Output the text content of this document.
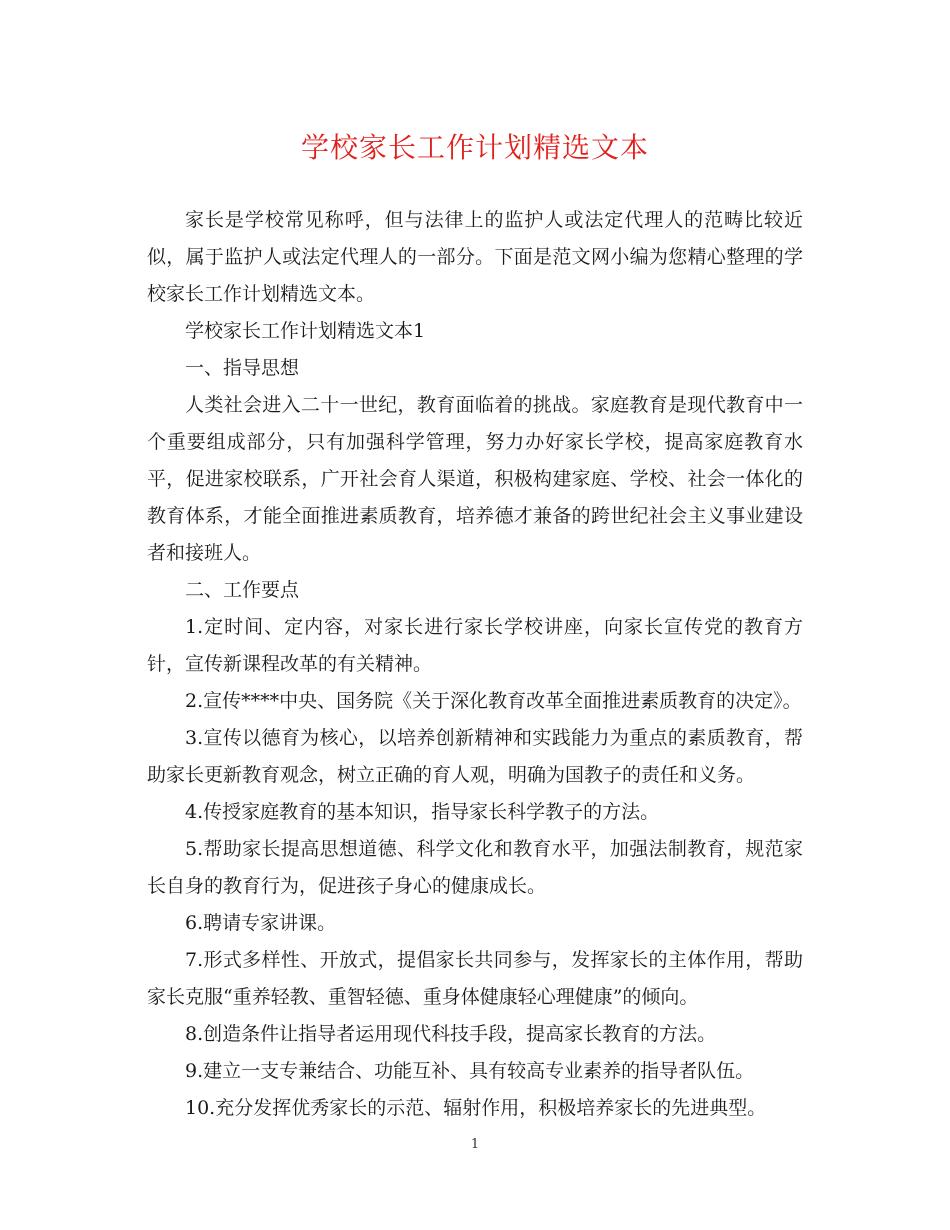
学校家长工作计划精选文本

家长是学校常见称呼，但与法律上的监护人或法定代理人的范畴比较近似，属于监护人或法定代理人的一部分。下面是范文网小编为您精心整理的学校家长工作计划精选文本。

学校家长工作计划精选文本1

一、指导思想

人类社会进入二十一世纪，教育面临着的挑战。家庭教育是现代教育中一个重要组成部分，只有加强科学管理，努力办好家长学校，提高家庭教育水平，促进家校联系，广开社会育人渠道，积极构建家庭、学校、社会一体化的教育体系，才能全面推进素质教育，培养德才兼备的跨世纪社会主义事业建设者和接班人。

二、工作要点

1.定时间、定内容，对家长进行家长学校讲座，向家长宣传党的教育方针，宣传新课程改革的有关精神。

2.宣传****中央、国务院《关于深化教育改革全面推进素质教育的决定》。

3.宣传以德育为核心，以培养创新精神和实践能力为重点的素质教育，帮助家长更新教育观念，树立正确的育人观，明确为国教子的责任和义务。

4.传授家庭教育的基本知识，指导家长科学教子的方法。

5.帮助家长提高思想道德、科学文化和教育水平，加强法制教育，规范家长自身的教育行为，促进孩子身心的健康成长。

6.聘请专家讲课。

7.形式多样性、开放式，提倡家长共同参与，发挥家长的主体作用，帮助家长克服“重养轻教、重智轻德、重身体健康轻心理健康”的倾向。

8.创造条件让指导者运用现代科技手段，提高家长教育的方法。

9.建立一支专兼结合、功能互补、具有较高专业素养的指导者队伍。

10.充分发挥优秀家长的示范、辐射作用，积极培养家长的先进典型。

1
